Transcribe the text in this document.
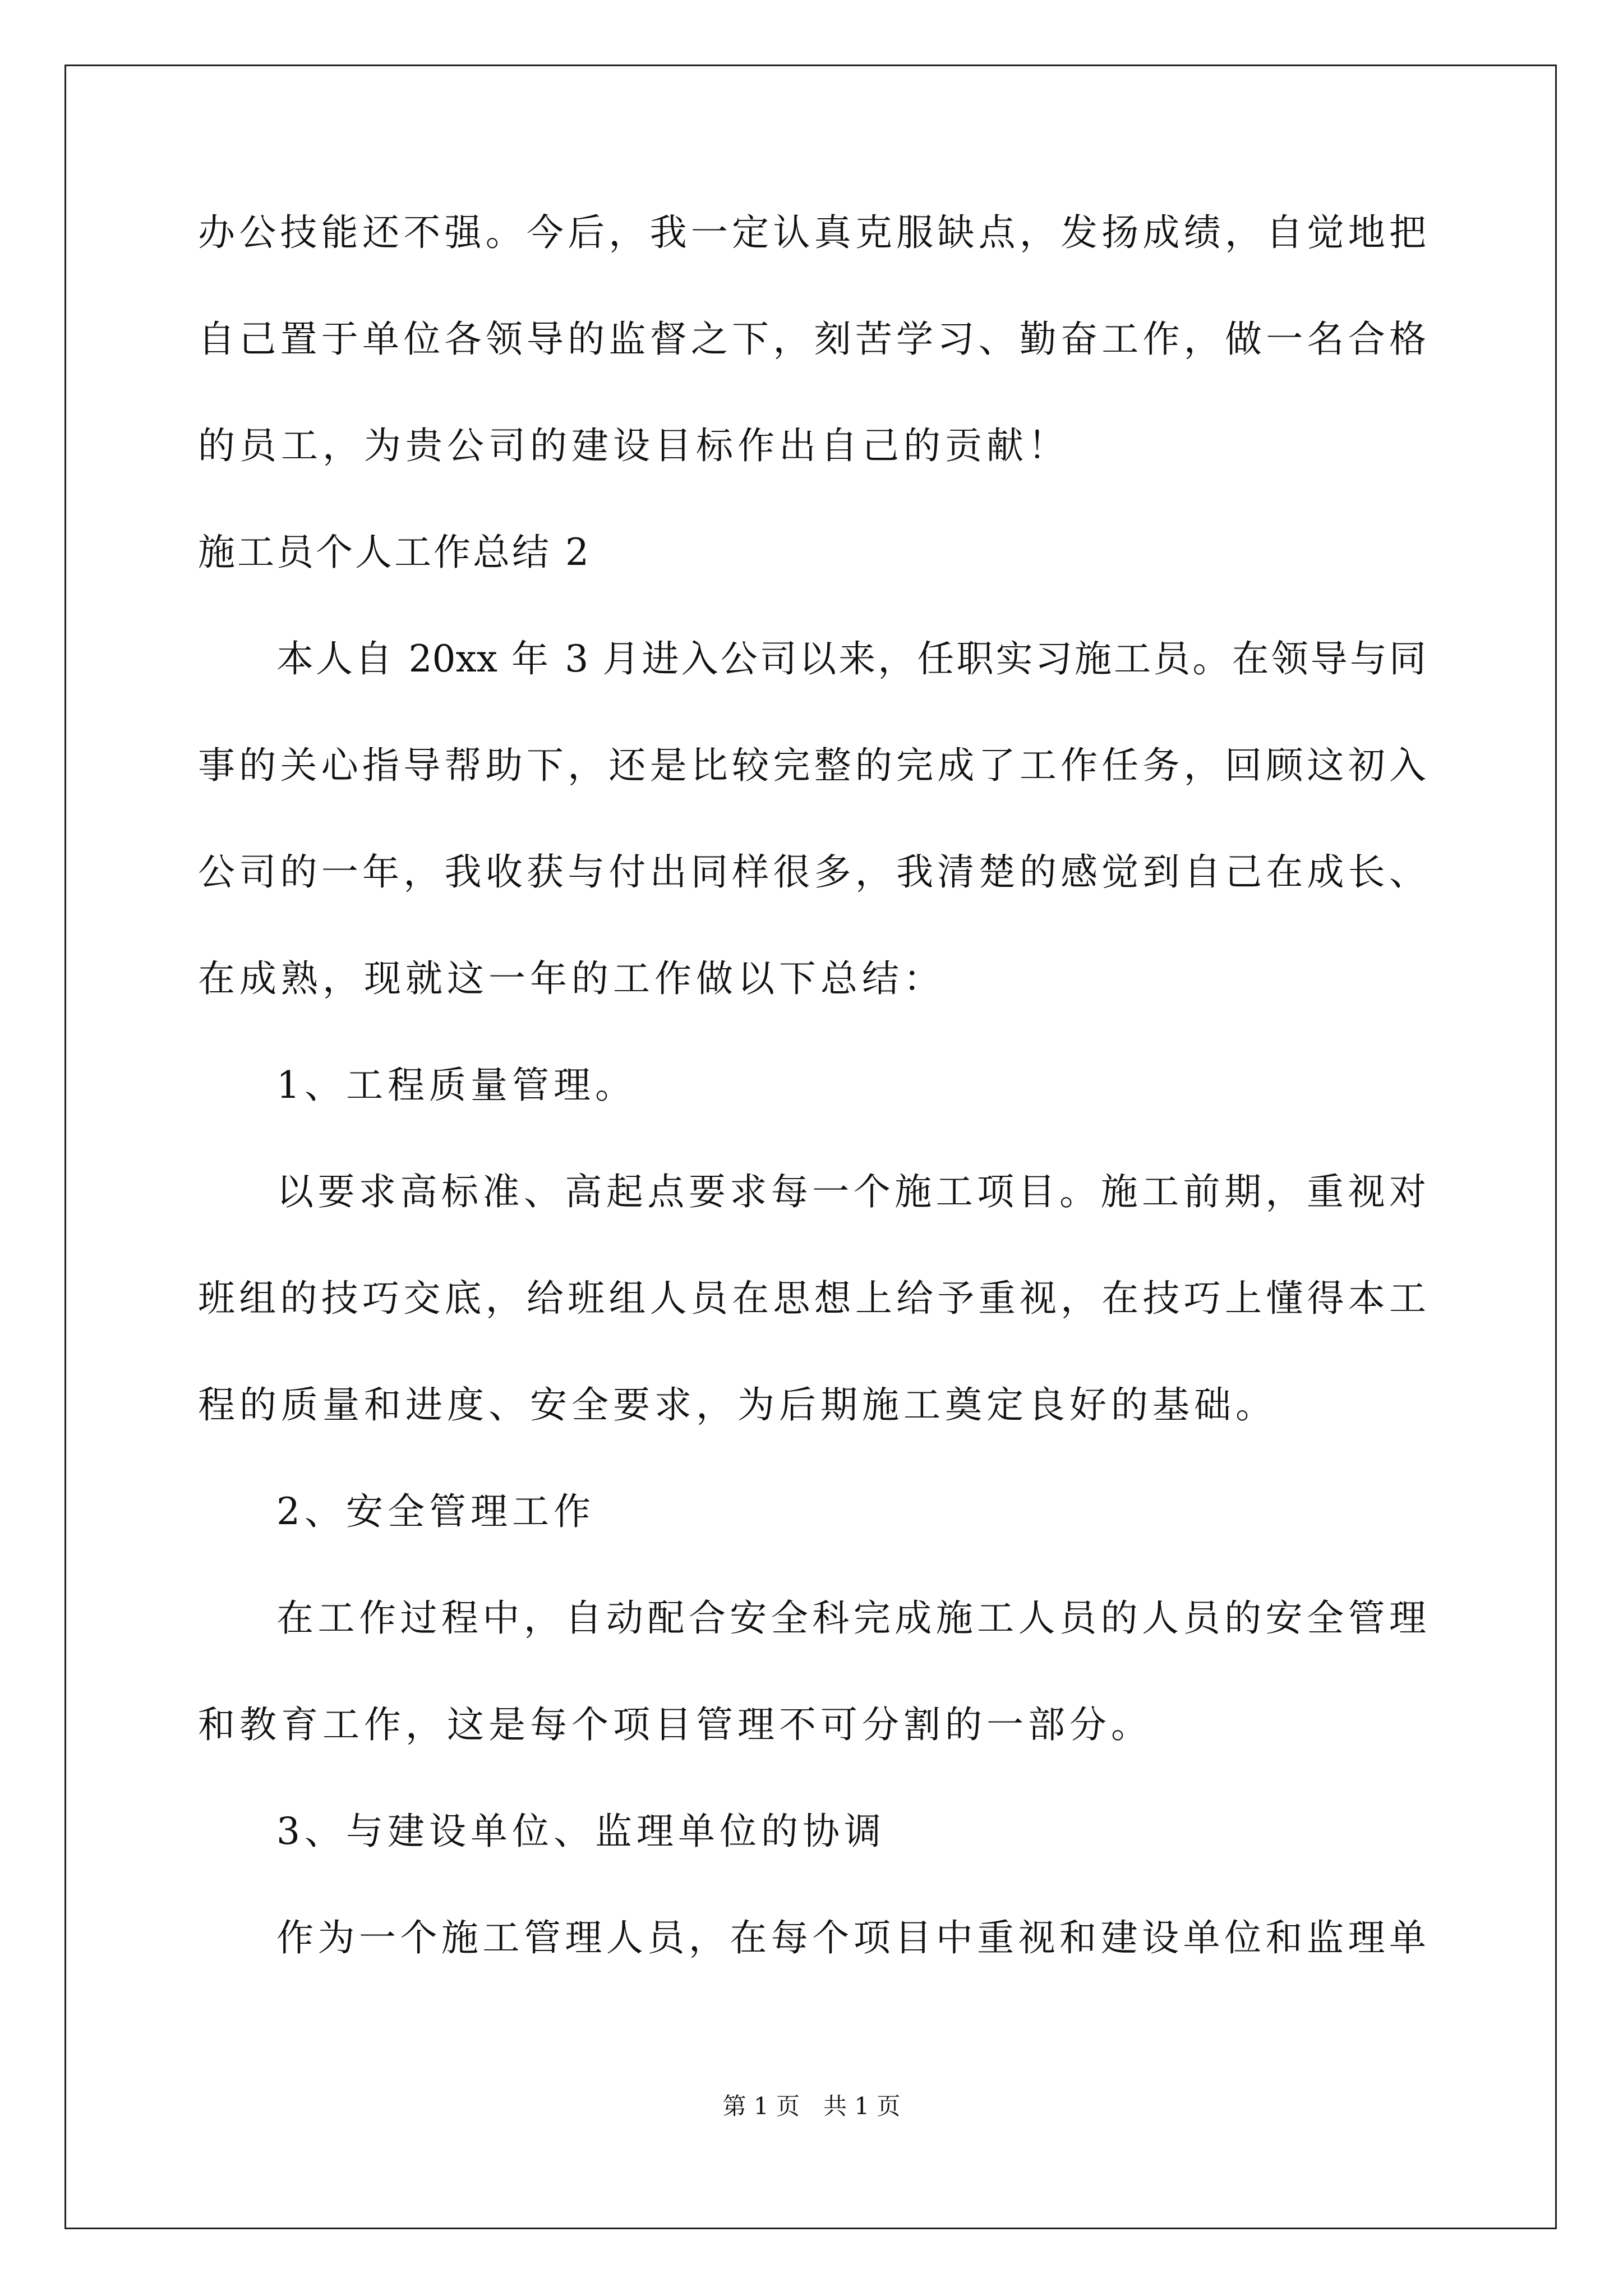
办公技能还不强。今后，我一定认真克服缺点，发扬成绩，自觉地把
自己置于单位各领导的监督之下，刻苦学习、勤奋工作，做一名合格
的员工，为贵公司的建设目标作出自己的贡献！
施工员个人工作总结 2
本人自 20xx 年 3 月进入公司以来，任职实习施工员。在领导与同
事的关心指导帮助下，还是比较完整的完成了工作任务，回顾这初入
公司的一年，我收获与付出同样很多，我清楚的感觉到自己在成长、
在成熟，现就这一年的工作做以下总结：
1、工程质量管理。
以要求高标准、高起点要求每一个施工项目。施工前期，重视对
班组的技巧交底，给班组人员在思想上给予重视，在技巧上懂得本工
程的质量和进度、安全要求，为后期施工奠定良好的基础。
2、安全管理工作
在工作过程中，自动配合安全科完成施工人员的人员的安全管理
和教育工作，这是每个项目管理不可分割的一部分。
3、与建设单位、监理单位的协调
作为一个施工管理人员，在每个项目中重视和建设单位和监理单
第 1 页　共 1 页
